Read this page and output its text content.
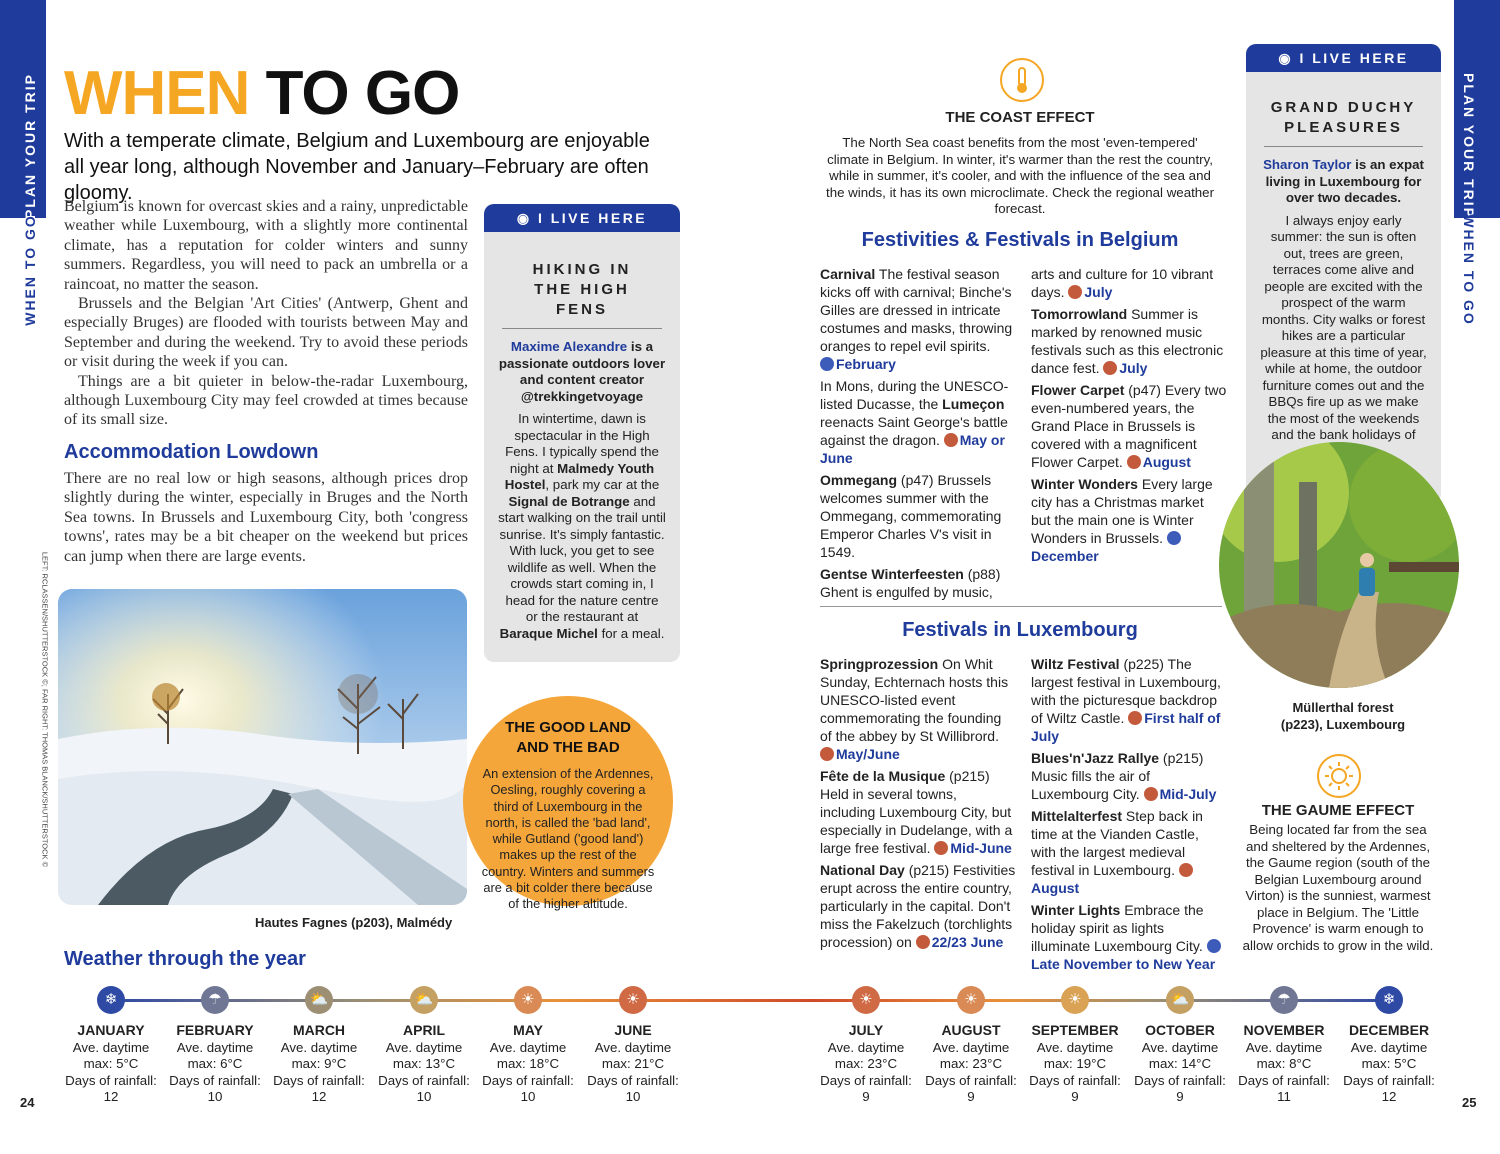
PLAN YOUR TRIP
WHEN TO GO
PLAN YOUR TRIP
WHEN TO GO
WHEN TO GO
With a temperate climate, Belgium and Luxembourg are enjoyable all year long, although November and January–February are often gloomy.

Belgium is known for overcast skies and a rainy, unpredictable weather while Luxembourg, with a slightly more continental climate, has a reputation for colder winters and sunny summers. Regardless, you will need to pack an umbrella or a raincoat, no matter the season.

Brussels and the Belgian 'Art Cities' (Antwerp, Ghent and especially Bruges) are flooded with tourists between May and September and during the weekend. Try to avoid these periods or visit during the week if you can.

Things are a bit quieter in below-the-radar Luxembourg, although Luxembourg City may feel crowded at times because of its small size.

Accommodation Lowdown
There are no real low or high seasons, although prices drop slightly during the winter, especially in Bruges and the North Sea towns. In Brussels and Luxembourg City, both 'congress towns', rates may be a bit cheaper on the weekend but prices can jump when there are large events.
LEFT: RCLASSEN/SHUTTERSTOCK ©; FAR RIGHT: THOMAS BLANCK/SHUTTERSTOCK ©
Hautes Fagnes (p203), Malmédy
◉ I LIVE HERE
HIKING IN THE HIGH FENS
Maxime Alexandre is a passionate outdoors lover and content creator @trekkingetvoyage
In wintertime, dawn is spectacular in the High Fens. I typically spend the night at Malmedy Youth Hostel, park my car at the Signal de Botrange and start walking on the trail until sunrise. It's simply fantastic. With luck, you get to see wildlife as well. When the crowds start coming in, I head for the nature centre or the restaurant at Baraque Michel for a meal.
THE GOOD LAND AND THE BAD
An extension of the Ardennes, Oesling, roughly covering a third of Luxembourg in the north, is called the 'bad land', while Gutland ('good land') makes up the rest of the country. Winters and summers are a bit colder there because of the higher altitude.
THE COAST EFFECT
The North Sea coast benefits from the most 'even-tempered' climate in Belgium. In winter, it's warmer than the rest the country, while in summer, it's cooler, and with the influence of the sea and the winds, it has its own microclimate. Check the regional weather forecast.
Festivities & Festivals in Belgium

Carnival The festival season kicks off with carnival; Binche's Gilles are dressed in intricate costumes and masks, throwing oranges to repel evil spirits.
February

In Mons, during the UNESCO-listed Ducasse, the Lumeçon reenacts Saint George's battle against the dragon. May or June

Ommegang (p47) Brussels welcomes summer with the Ommegang, commemorating Emperor Charles V's visit in 1549.

Gentse Winterfeesten (p88) Ghent is engulfed by music,

arts and culture for 10 vibrant days. July

Tomorrowland Summer is marked by renowned music festivals such as this electronic dance fest. July

Flower Carpet (p47) Every two even-numbered years, the Grand Place in Brussels is covered with a magnificent Flower Carpet. August

Winter Wonders Every large city has a Christmas market but the main one is Winter Wonders in Brussels. December

Festivals in Luxembourg

Springprozession On Whit Sunday, Echternach hosts this UNESCO-listed event commemorating the founding of the abbey by St Willibrord. May/June

Fête de la Musique (p215) Held in several towns, including Luxembourg City, but especially in Dudelange, with a large free festival. Mid-June

National Day (p215) Festivities erupt across the entire country, particularly in the capital. Don't miss the Fakelzuch (torchlights procession) on 22/23 June

Wiltz Festival (p225) The largest festival in Luxembourg, with the picturesque backdrop of Wiltz Castle. First half of July

Blues'n'Jazz Rallye (p215) Music fills the air of Luxembourg City. Mid-July

Mittelalterfest Step back in time at the Vianden Castle, with the largest medieval festival in Luxembourg. August

Winter Lights Embrace the holiday spirit as lights illuminate Luxembourg City. Late November to New Year

◉ I LIVE HERE
GRAND DUCHY PLEASURES
Sharon Taylor is an expat living in Luxembourg for over two decades.
I always enjoy early summer: the sun is often out, trees are green, terraces come alive and people are excited with the prospect of the warm months. City walks or forest hikes are a particular pleasure at this time of year, while at home, the outdoor furniture comes out and the BBQs fire up as we make the most of the weekends and the bank holidays of
Müllerthal forest (p223), Luxembourg
THE GAUME EFFECT
Being located far from the sea and sheltered by the Ardennes, the Gaume region (south of the Belgian Luxembourg around Virton) is the sunniest, warmest place in Belgium. The 'Little Provence' is warm enough to allow orchids to grow in the wild.
Weather through the year
❄
JANUARY
Ave. daytime
max: 5°C
Days of rainfall:
12
☂
FEBRUARY
Ave. daytime
max: 6°C
Days of rainfall:
10
⛅
MARCH
Ave. daytime
max: 9°C
Days of rainfall:
12
⛅
APRIL
Ave. daytime
max: 13°C
Days of rainfall:
10
☀
MAY
Ave. daytime
max: 18°C
Days of rainfall:
10
☀
JUNE
Ave. daytime
max: 21°C
Days of rainfall:
10
☀
JULY
Ave. daytime
max: 23°C
Days of rainfall:
9
☀
AUGUST
Ave. daytime
max: 23°C
Days of rainfall:
9
☀
SEPTEMBER
Ave. daytime
max: 19°C
Days of rainfall:
9
⛅
OCTOBER
Ave. daytime
max: 14°C
Days of rainfall:
9
☂
NOVEMBER
Ave. daytime
max: 8°C
Days of rainfall:
11
❄
DECEMBER
Ave. daytime
max: 5°C
Days of rainfall:
12
24	25
